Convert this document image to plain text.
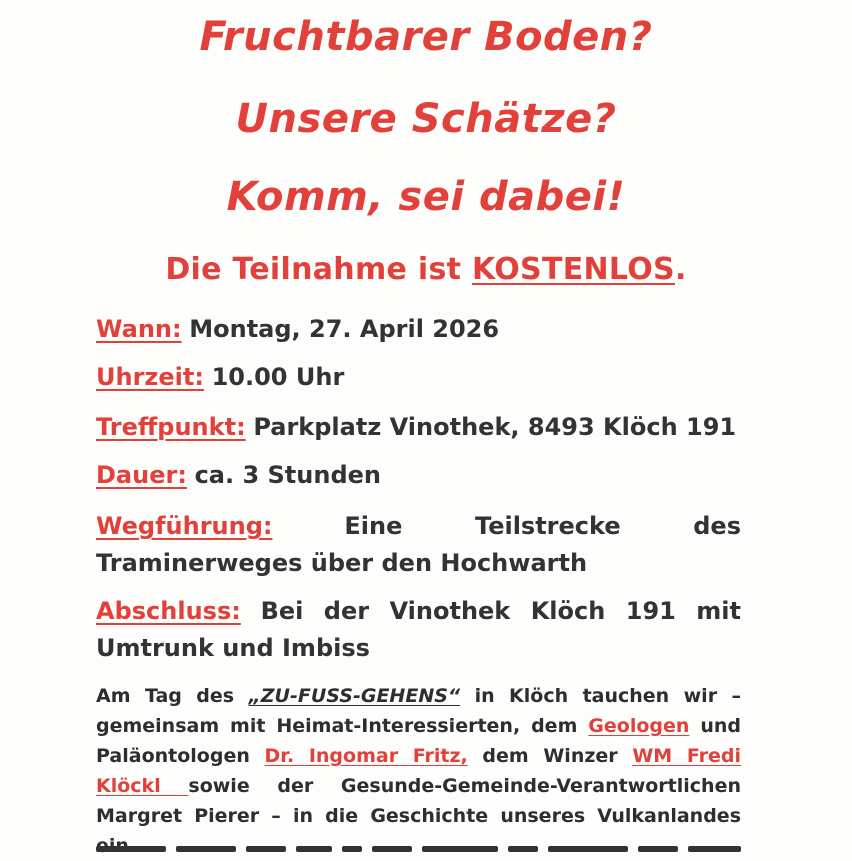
Fruchtbarer Boden?
Unsere Schätze?
Komm, sei dabei!
Die Teilnahme ist KOSTENLOS.
Wann: Montag, 27. April 2026
Uhrzeit: 10.00 Uhr
Treffpunkt: Parkplatz Vinothek, 8493 Klöch 191
Dauer: ca. 3 Stunden
Wegführung:	Eine Teilstrecke des Traminerweges über den Hochwarth
Abschluss: Bei der Vinothek Klöch 191 mit Umtrunk und Imbiss
Am Tag des „ZU-FUSS-GEHENS“ in Klöch tauchen wir – gemeinsam mit Heimat-Interessierten, dem Geologen und Paläontologen Dr. Ingomar Fritz, dem Winzer WM Fredi Klöckl sowie der Gesunde-Gemeinde-Verantwortlichen Margret Pierer – in die Geschichte unseres Vulkanlandes
